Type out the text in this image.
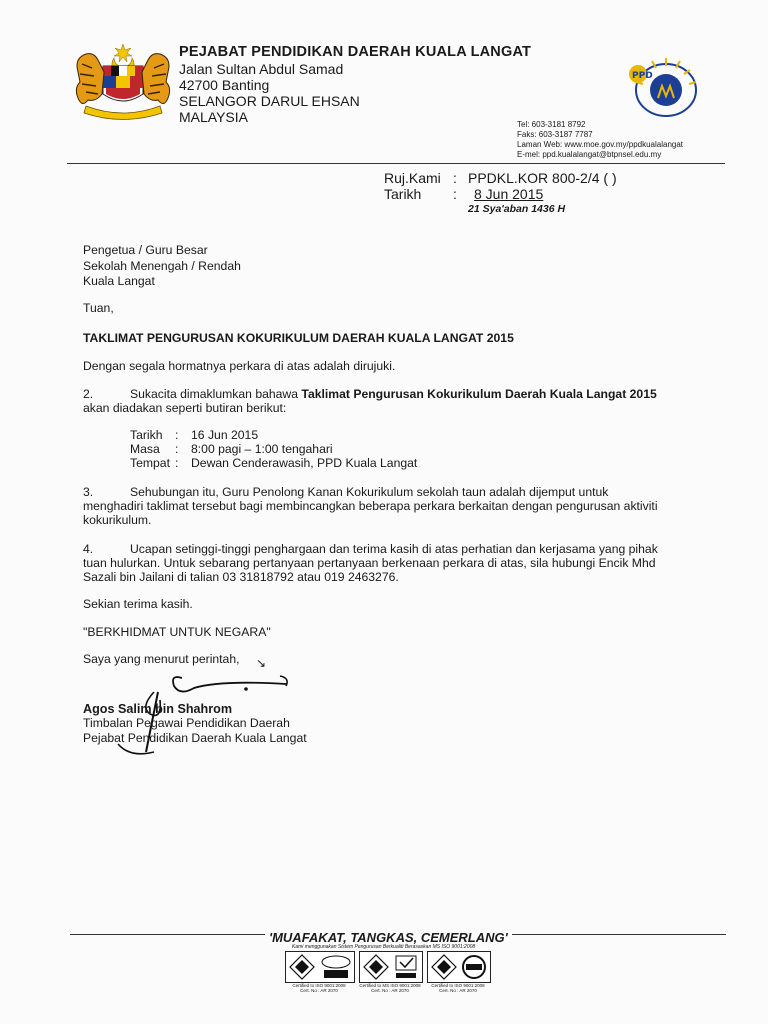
PEJABAT PENDIDIKAN DAERAH KUALA LANGAT
Jalan Sultan Abdul Samad
42700 Banting
SELANGOR DARUL EHSAN
MALAYSIA
PPD
Tel: 603-3181 8792
Faks: 603-3187 7787
Laman Web: www.moe.gov.my/ppdkualalangat
E-mel: ppd.kualalangat@btpnsel.edu.my
Ruj.Kami : PPDKL.KOR 800-2/4 ( )
Tarikh : 8 Jun 2015
21 Sya'aban 1436 H
Pengetua / Guru Besar
Sekolah Menengah / Rendah
Kuala Langat
Tuan,
TAKLIMAT PENGURUSAN KOKURIKULUM DAERAH KUALA LANGAT 2015
Dengan segala hormatnya perkara di atas adalah dirujuki.
2.	Sukacita dimaklumkan bahawa Taklimat Pengurusan Kokurikulum Daerah Kuala Langat 2015
akan diadakan seperti butiran berikut:
Tarikh : 16 Jun 2015
Masa : 8:00 pagi – 1:00 tengahari
Tempat : Dewan Cenderawasih, PPD Kuala Langat
3.	Sehubungan itu, Guru Penolong Kanan Kokurikulum sekolah taun adalah dijemput untuk
menghadiri taklimat tersebut bagi membincangkan beberapa perkara berkaitan dengan pengurusan aktiviti
kokurikulum.
4.	Ucapan setinggi-tinggi penghargaan dan terima kasih di atas perhatian dan kerjasama yang pihak
tuan hulurkan. Untuk sebarang pertanyaan pertanyaan berkenaan perkara di atas, sila hubungi Encik Mhd
Sazali bin Jailani di talian 03 31818792 atau 019 2463276.
Sekian terima kasih.
"BERKHIDMAT UNTUK NEGARA"
Saya yang menurut perintah, ↘
Agos Salim bin Shahrom
Timbalan Pegawai Pendidikan Daerah
Pejabat Pendidikan Daerah Kuala Langat
'MUAFAKAT, TANGKAS, CEMERLANG'
Kami menggunakan Sistem Pengurusan Berkualiti Berasaskan MS ISO 9001:2008
Certified to ISO 9001:2008
Cert. No : AR 2070
Certified to MS ISO 9001:2008
Cert. No : AR 2070
Certified to ISO 9001:2008
Cert. No : AR 2070
